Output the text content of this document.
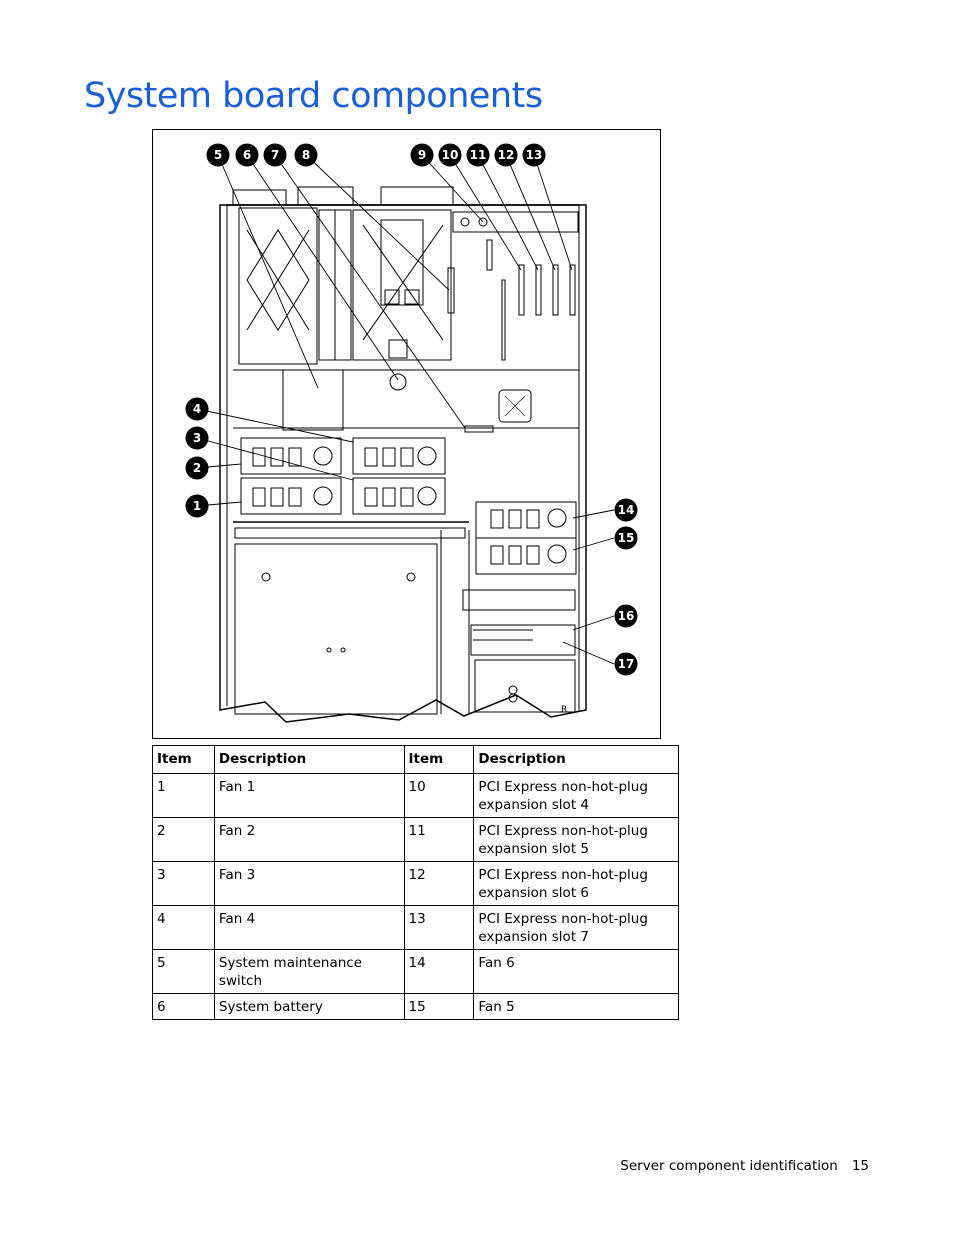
System board components
R
5 6 7 8	9 10 11 12 13
4
3
2
1	14
15
16
17
Item	Description	Item	Description
1	Fan 1	10	PCI Express non-hot-plug expansion slot 4
2	Fan 2	11	PCI Express non-hot-plug expansion slot 5
3	Fan 3	12	PCI Express non-hot-plug expansion slot 6
4	Fan 4	13	PCI Express non-hot-plug expansion slot 7
5	System maintenance switch	14	Fan 6
6	System battery	15	Fan 5
Server component identification 15
